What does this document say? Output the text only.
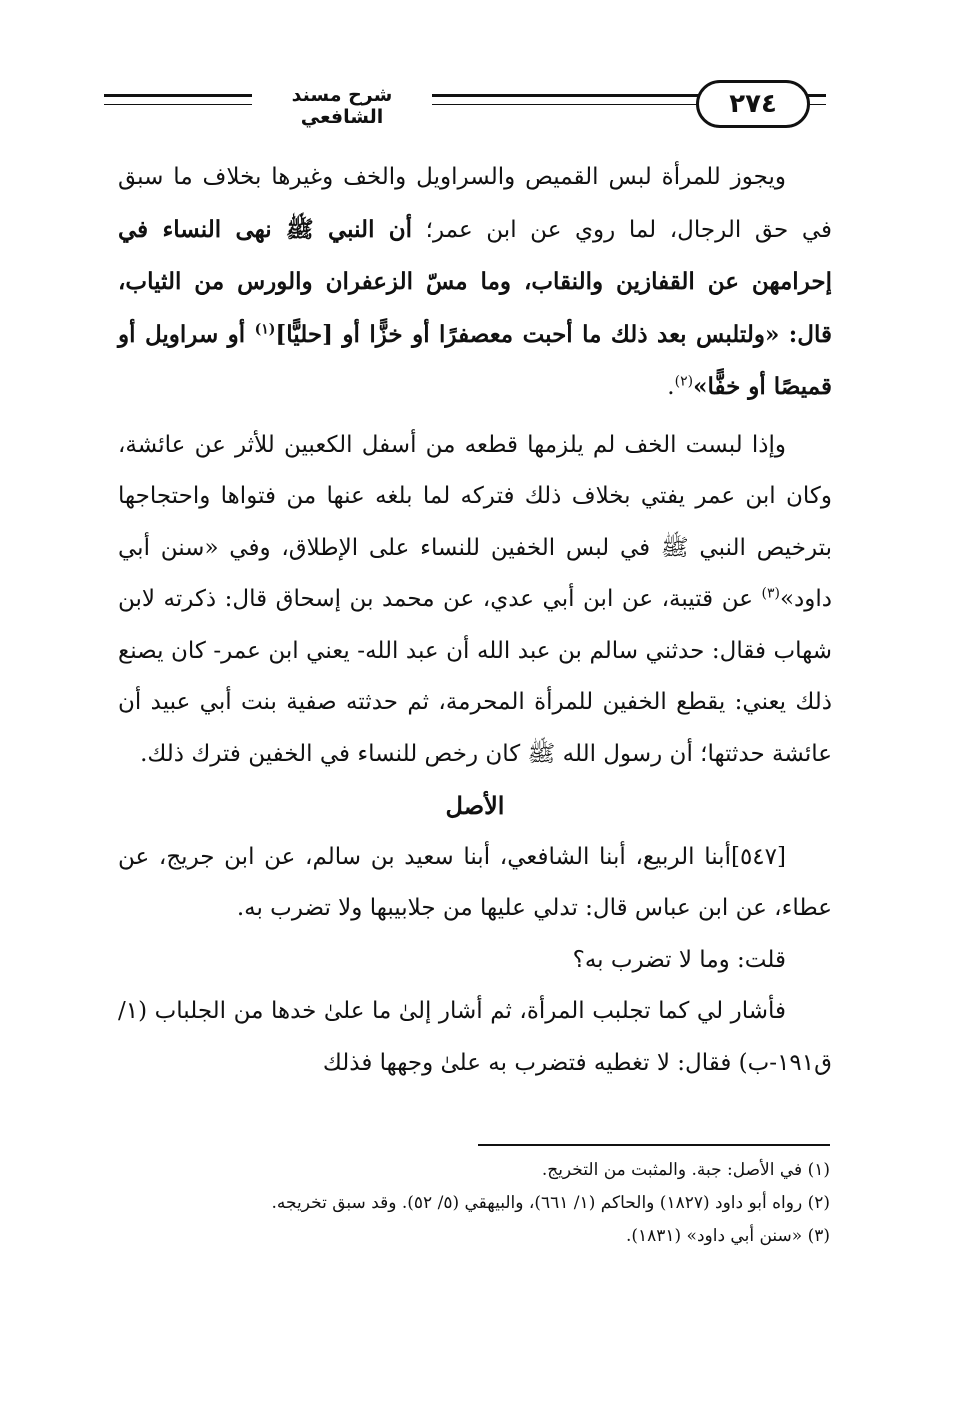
٢٧٤
شرح مسند الشافعي

ويجوز للمرأة لبس القميص والسراويل والخف وغيرها بخلاف ما سبق في حق الرجال، لما روي عن ابن عمر؛ أن النبي ﷺ نهى النساء في إحرامهن عن القفازين والنقاب، وما مسّ الزعفران والورس من الثياب، قال: «ولتلبس بعد ذلك ما أحبت معصفرًا أو خزًّا أو [حليًّا]$^{(١)}$ أو سراويل أو قميصًا أو خفًّا»$^{(٢)}$.

وإذا لبست الخف لم يلزمها قطعه من أسفل الكعبين للأثر عن عائشة، وكان ابن عمر يفتي بخلاف ذلك فتركه لما بلغه عنها من فتواها واحتجاجها بترخيص النبي ﷺ في لبس الخفين للنساء على الإطلاق، وفي «سنن أبي داود»$^{(٣)}$ عن قتيبة، عن ابن أبي عدي، عن محمد بن إسحاق قال: ذكرته لابن شهاب فقال: حدثني سالم بن عبد الله أن عبد الله- يعني ابن عمر- كان يصنع ذلك يعني: يقطع الخفين للمرأة المحرمة، ثم حدثته صفية بنت أبي عبيد أن عائشة حدثتها؛ أن رسول الله ﷺ كان رخص للنساء في الخفين فترك ذلك.

الأصل

[٥٤٧]أبنا الربيع، أبنا الشافعي، أبنا سعيد بن سالم، عن ابن جريج، عن عطاء، عن ابن عباس قال: تدلي عليها من جلابيبها ولا تضرب به.

قلت: وما لا تضرب به؟

فأشار لي كما تجلبب المرأة، ثم أشار إلىٰ ما علىٰ خدها من الجلباب (١/ق١٩١-ب) فقال: لا تغطيه فتضرب به علىٰ وجهها فذلك

(١) في الأصل: جبة. والمثبت من التخريج.

(٢) رواه أبو داود (١٨٢٧) والحاكم (١/ ٦٦١)، والبيهقي (٥/ ٥٢). وقد سبق تخريجه.

(٣) «سنن أبي داود» (١٨٣١).
